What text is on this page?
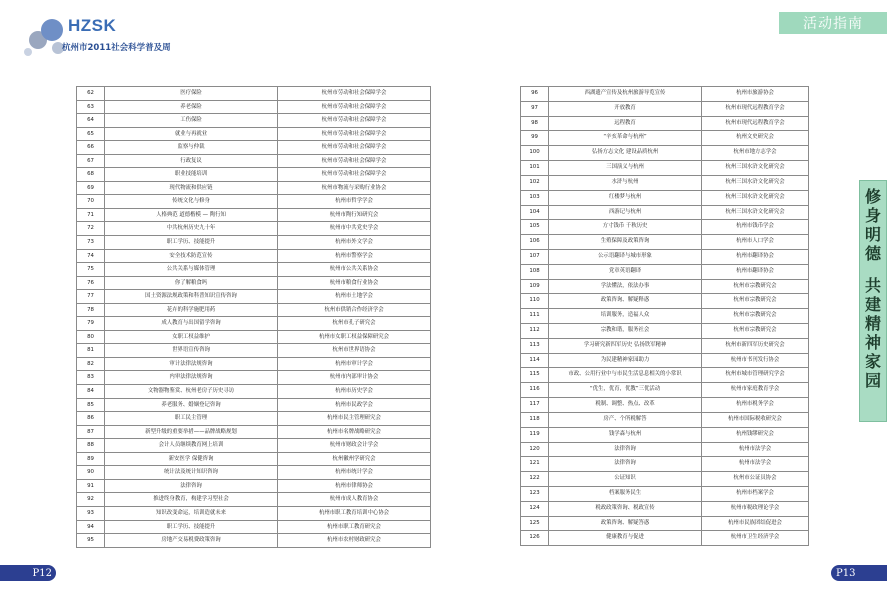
HZSK
杭州市2011社会科学普及周
活动指南
修
身
明
德
共
建
精
神
家
园
62	医疗保险	杭州市劳动和社会保障学会
63	养老保险	杭州市劳动和社会保障学会
64	工伤保险	杭州市劳动和社会保障学会
65	就业与再就业	杭州市劳动和社会保障学会
66	监察与仲裁	杭州市劳动和社会保障学会
67	行政复议	杭州市劳动和社会保障学会
68	职业技能培训	杭州市劳动和社会保障学会
69	现代物流和供应链	杭州市物流与采购行业协会
70	传统文化与修身	杭州市哲学学会
71	人格典范 道德楷模 — 陶行知	杭州市陶行知研究会
72	中共杭州历史九十年	杭州市中共党史学会
73	职工学历、技能提升	杭州市外文学会
74	安全技术防范宣传	杭州市警察学会
75	公共关系与媒体管理	杭州市公共关系协会
76	你了解粮食吗	杭州市粮食行业协会
77	国土资源法规政策和科普知识宣传咨询	杭州市土地学会
78	花卉的科学施肥用药	杭州市供销合作经济学会
79	成人教育与出国留学咨询	杭州市孔子研究会
80	女职工权益维护	杭州市女职工权益保障研究会
81	世界语宣传咨询	杭州市世界语协会
82	审计法律法规咨询	杭州市审计学会
83	内审法律法规咨询	杭州市内部审计协会
84	文物器物鉴赏、杭州老房子历史寻访	杭州市历史学会
85	养老服务、婚姻登记咨询	杭州市民政学会
86	职工民主管理	杭州市民主管理研究会
87	新型升级的重要举措——品牌战略规划	杭州市名牌战略研究会
88	会计人员继续教育网上培训	杭州市财政会计学会
89	新安医学 保健咨询	杭州徽州学研究会
90	统计法及统计知识咨询	杭州市统计学会
91	法律咨询	杭州市律师协会
92	推进终身教育，构建学习型社会	杭州市成人教育协会
93	知识改变命运，培训造就未来	杭州市职工教育培训中心协会
94	职工学历、技能提升	杭州市职工教育研究会
95	房地产交易税费政策咨询	杭州市农村财政研究会
96	西湖遗产宣传及杭州旅游导览宣传	杭州市旅游协会
97	开放教育	杭州市现代远程教育学会
98	远程教育	杭州市现代远程教育学会
99	“辛亥革命与杭州”	杭州文史研究会
100	弘扬方志文化 建设品质杭州	杭州市地方志学会
101	三国演义与杭州	杭州三国水浒文化研究会
102	水浒与杭州	杭州三国水浒文化研究会
103	红楼梦与杭州	杭州三国水浒文化研究会
104	西游记与杭州	杭州三国水浒文化研究会
105	方寸钱币 千秋历史	杭州市钱币学会
106	生殖保障及政策咨询	杭州市人口学会
107	公示语翻译与城市形象	杭州市翻译协会
108	党章英语翻译	杭州市翻译协会
109	学法懂法，依法办事	杭州市宗教研究会
110	政策咨询、解疑释惑	杭州市宗教研究会
111	培训服务，造福人众	杭州市宗教研究会
112	宗教和谐，服务社会	杭州市宗教研究会
113	学习研究新四军历史 弘扬铁军精神	杭州市新四军历史研究会
114	为民建精神家园助力	杭州市书刊发行协会
115	市政、公用行业中与市民生活息息相关的小常识	杭州市城市管理研究学会
116	“优生，优育，优教”三优活动	杭州市家庭教育学会
117	税制、调整、热点、改革	杭州市税务学会
118	房产、个所税解答	杭州市国际税收研究会
119	钱学森与杭州	杭州钱缪研究会
120	法律咨询	杭州市法学会
121	法律咨询	杭州市法学会
122	公证知识	杭州市公证员协会
123	档案服务民生	杭州市档案学会
124	税政政策咨询、税政宣传	杭州市税政理论学会
125	政策咨询、解疑答惑	杭州市民族团结促进会
126	健康教育与促进	杭州市卫生经济学会
P12	P13
